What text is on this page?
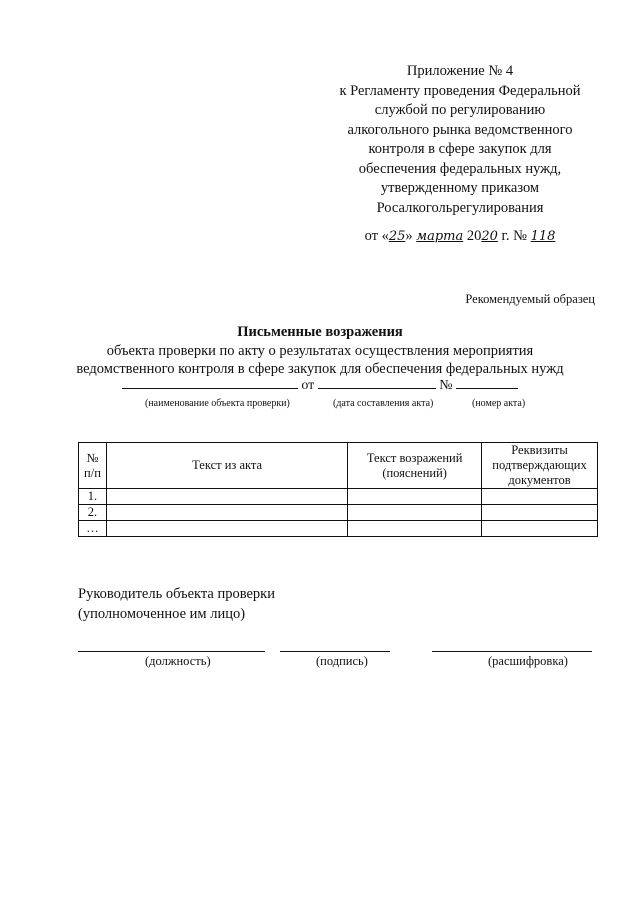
Приложение № 4
к Регламенту проведения Федеральной
службой по регулированию
алкогольного рынка ведомственного
контроля в сфере закупок для
обеспечения федеральных нужд,
утвержденному приказом
Росалкогольрегулирования
от «25» марта 2020 г. № 118
Рекомендуемый образец
Письменные возражения
объекта проверки по акту о результатах осуществления мероприятия
ведомственного контроля в сфере закупок для обеспечения федеральных нужд
от	№
(наименование объекта проверки)	(дата составления акта)	(номер акта)
№ п/п	Текст из акта	Текст возражений (пояснений)	Реквизиты подтверждающих документов
1.			
2.			
…			
Руководитель объекта проверки
(уполномоченное им лицо)
(должность)	(подпись)	(расшифровка)
